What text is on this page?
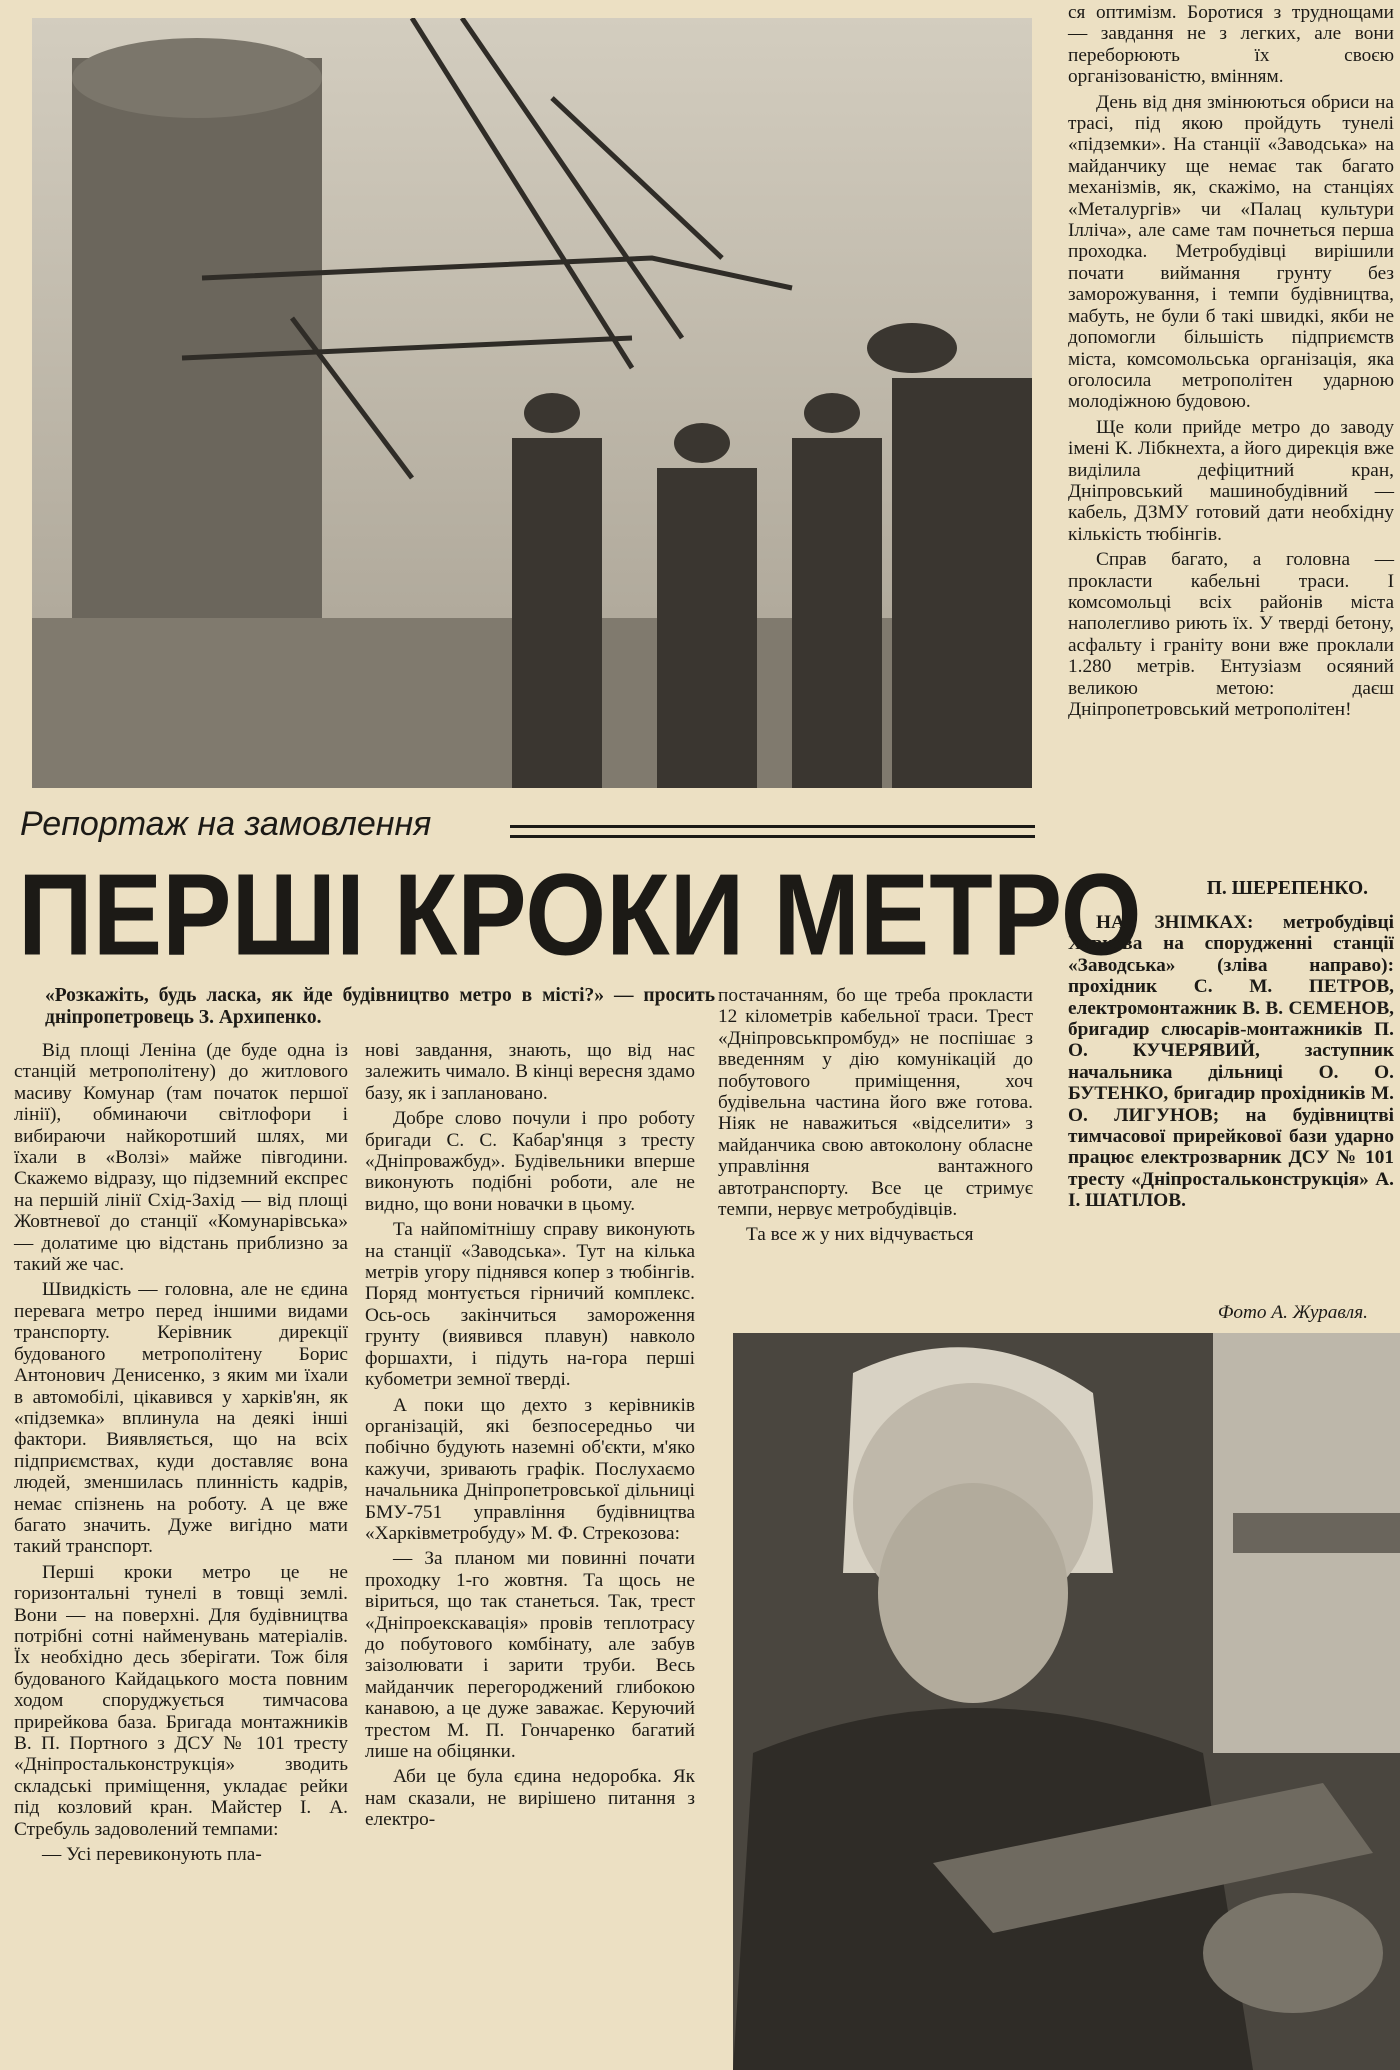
Репортаж на замовлення
ПЕРШІ КРОКИ МЕТРО
«Розкажіть, будь ласка, як йде будівництво метро в місті?» — просить дніпропетровець З. Архипенко.

Від площі Леніна (де буде одна із станцій метрополітену) до житлового масиву Комунар (там початок першої лінії), обминаючи світлофори і вибираючи найкоротший шлях, ми їхали в «Волзі» майже півгодини. Скажемо відразу, що підземний експрес на першій лінії Схід-Захід — від площі Жовтневої до станції «Комунарівська» — долатиме цю відстань приблизно за такий же час.

Швидкість — головна, але не єдина перевага метро перед іншими видами транспорту. Керівник дирекції будованого метрополітену Борис Антонович Денисенко, з яким ми їхали в автомобілі, цікавився у харків'ян, як «підземка» вплинула на деякі інші фактори. Виявляється, що на всіх підприємствах, куди доставляє вона людей, зменшилась плинність кадрів, немає спізнень на роботу. А це вже багато значить. Дуже вигідно мати такий транспорт.

Перші кроки метро це не горизонтальні тунелі в товщі землі. Вони — на поверхні. Для будівництва потрібні сотні найменувань матеріалів. Їх необхідно десь зберігати. Тож біля будованого Кайдацького моста повним ходом споруджується тимчасова прирейкова база. Бригада монтажників В. П. Портного з ДСУ № 101 тресту «Дніпростальконструкція» зводить складські приміщення, укладає рейки під козловий кран. Майстер І. А. Стребуль задоволений темпами:

— Усі перевиконують пла-

нові завдання, знають, що від нас залежить чимало. В кінці вересня здамо базу, як і заплановано.

Добре слово почули і про роботу бригади С. С. Кабар'янця з тресту «Дніпроважбуд». Будівельники вперше виконують подібні роботи, але не видно, що вони новачки в цьому.

Та найпомітнішу справу виконують на станції «Заводська». Тут на кілька метрів угору піднявся копер з тюбінгів. Поряд монтується гірничий комплекс. Ось-ось закінчиться замороження грунту (виявився плавун) навколо форшахти, і підуть на-гора перші кубометри земної тверді.

А поки що дехто з керівників організацій, які безпосередньо чи побічно будують наземні об'єкти, м'яко кажучи, зривають графік. Послухаємо начальника Дніпропетровської дільниці БМУ-751 управління будівництва «Харківметробуду» М. Ф. Стрекозова:

— За планом ми повинні почати проходку 1-го жовтня. Та щось не віриться, що так станеться. Так, трест «Дніпроекскавація» провів теплотрасу до побутового комбінату, але забув заізолювати і зарити труби. Весь майданчик перегороджений глибокою канавою, а це дуже заважає. Керуючий трестом М. П. Гончаренко багатий лише на обіцянки.

Аби це була єдина недоробка. Як нам сказали, не вирішено питання з електро-

постачанням, бо ще треба прокласти 12 кілометрів кабельної траси. Трест «Дніпровськпромбуд» не поспішає з введенням у дію комунікацій до побутового приміщення, хоч будівельна частина його вже готова. Ніяк не наважиться «відселити» з майданчика свою автоколону обласне управління вантажного автотранспорту. Все це стримує темпи, нервує метробудівців.

Та все ж у них відчувається

ся оптимізм. Боротися з труднощами — завдання не з легких, але вони переборюють їх своєю організованістю, вмінням.

День від дня змінюються обриси на трасі, під якою пройдуть тунелі «підземки». На станції «Заводська» на майданчику ще немає так багато механізмів, як, скажімо, на станціях «Металургів» чи «Палац культури Ілліча», але саме там почнеться перша проходка. Метробудівці вирішили почати виймання грунту без заморожування, і темпи будівництва, мабуть, не були б такі швидкі, якби не допомогли більшість підприємств міста, комсомольська організація, яка оголосила метрополітен ударною молодіжною будовою.

Ще коли прийде метро до заводу імені К. Лібкнехта, а його дирекція вже виділила дефіцитний кран, Дніпровський машинобудівний — кабель, ДЗМУ готовий дати необхідну кількість тюбінгів.

Справ багато, а головна — прокласти кабельні траси. І комсомольці всіх районів міста наполегливо риють їх. У тверді бетону, асфальту і граніту вони вже проклали 1.280 метрів. Ентузіазм осяяний великою метою: даєш Дніпропетровський метрополітен!

П. ШЕРЕПЕНКО.
НА ЗНІМКАХ: метробудівці Харкова на спорудженні станції «Заводська» (зліва направо): прохідник С. М. ПЕТРОВ, електромонтажник В. В. СЕМЕНОВ, бригадир слюсарів-монтажників П. О. КУЧЕРЯВИЙ, заступник начальника дільниці О. О. БУТЕНКО, бригадир прохідників М. О. ЛИГУНОВ; на будівництві тимчасової прирейкової бази ударно працює електрозварник ДСУ № 101 тресту «Дніпростальконструкція» А. І. ШАТІЛОВ.
Фото А. Журавля.
